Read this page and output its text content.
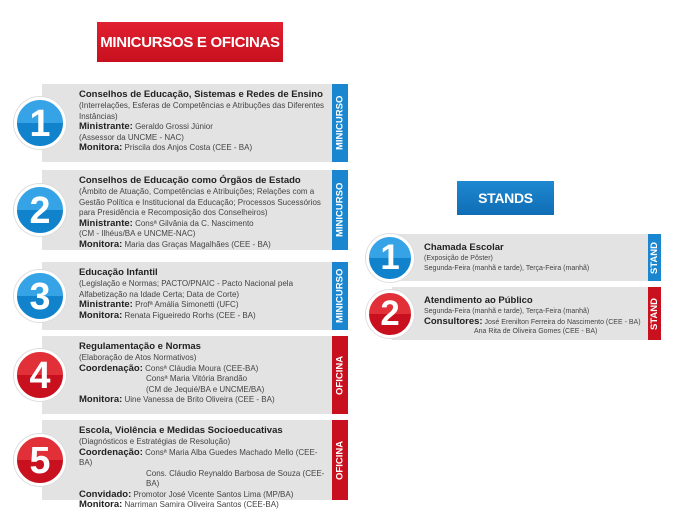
MINICURSOS E OFICINAS
STANDS
MINICURSO
1
Conselhos de Educação, Sistemas e Redes de Ensino
(Interrelações, Esferas de Competências e Atribuções das Diferentes Instâncias)
Ministrante: Geraldo Grossi Júnior
(Assessor da UNCME - NAC)
Monitora: Priscila dos Anjos Costa (CEE - BA)
MINICURSO
2
Conselhos de Educação como Órgãos de Estado
(Âmbito de Atuação, Competências e Atribuições; Relações com a Gestão Política e Institucional da Educação; Processos Sucessórios para Presidência e Recomposição dos Conselheiros)
Ministrante: Consª Gilvânia da C. Nascimento
(CM - Ilhéus/BA e UNCME-NAC)
Monitora: Maria das Graças Magalhães (CEE - BA)
MINICURSO
3
Educação Infantil
(Legislação e Normas; PACTO/PNAIC - Pacto Nacional pela Alfabetização na Idade Certa; Data de Corte)
Ministrante: Profª Amália Simonetti (UFC)
Monitora: Renata Figueiredo Rorhs (CEE - BA)
OFICINA
4
Regulamentação e Normas
(Elaboração de Atos Normativos)
Coordenação: Consª Cláudia Moura (CEE-BA)
Consª Maria Vitória Brandão
(CM de Jequié/BA e UNCME/BA)
Monitora: Uine Vanessa de Brito Oliveira (CEE - BA)
OFICINA
5
Escola, Violência e Medidas Socioeducativas
(Diagnósticos e Estratégias de Resolução)
Coordenação: Consª Maria Alba Guedes Machado Mello (CEE-BA)
Cons. Cláudio Reynaldo Barbosa de Souza (CEE-BA)
Convidado: Promotor José Vicente Santos Lima (MP/BA)
Monitora: Narriman Samira Oliveira Santos (CEE-BA)
STAND
1	Chamada Escolar
(Exposição de Pôster)
Segunda-Feira (manhã e tarde), Terça-Feira (manhã)
STAND
2	Atendimento ao Público
Segunda-Feira (manhã e tarde), Terça-Feira (manhã)
Consultores: José Erenilton Ferreira do Nascimento (CEE - BA)
Ana Rita de Oliveira Gomes (CEE - BA)
